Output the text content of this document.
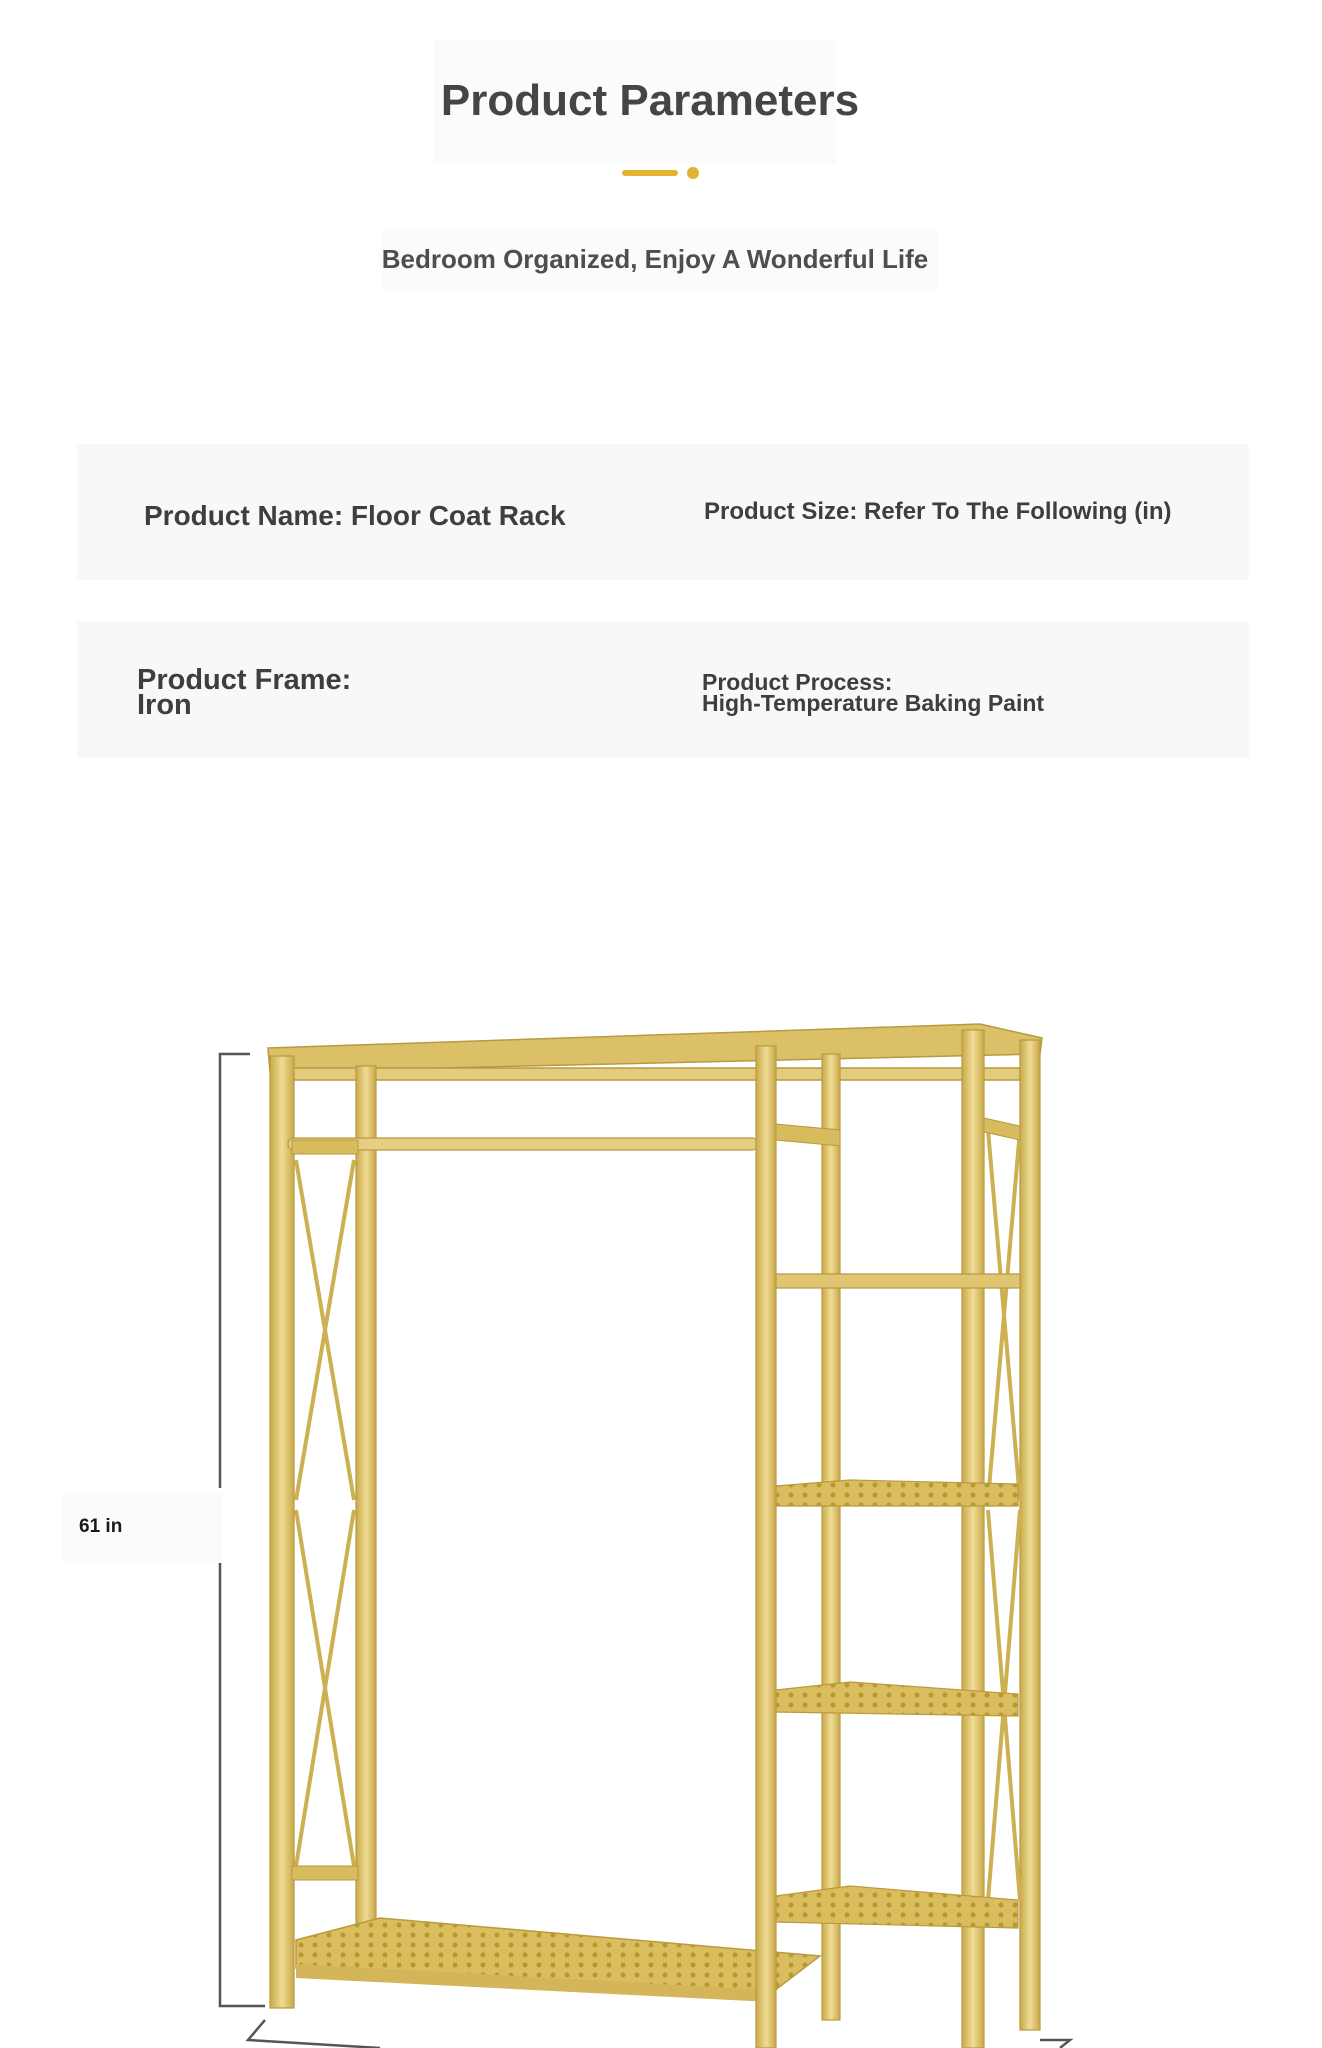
Product Parameters
Bedroom Organized, Enjoy A Wonderful Life
Product Name: Floor Coat Rack	Product Size: Refer To The Following (in)
Product Frame:
Iron
Product Process:
High-Temperature Baking Paint
61 in
